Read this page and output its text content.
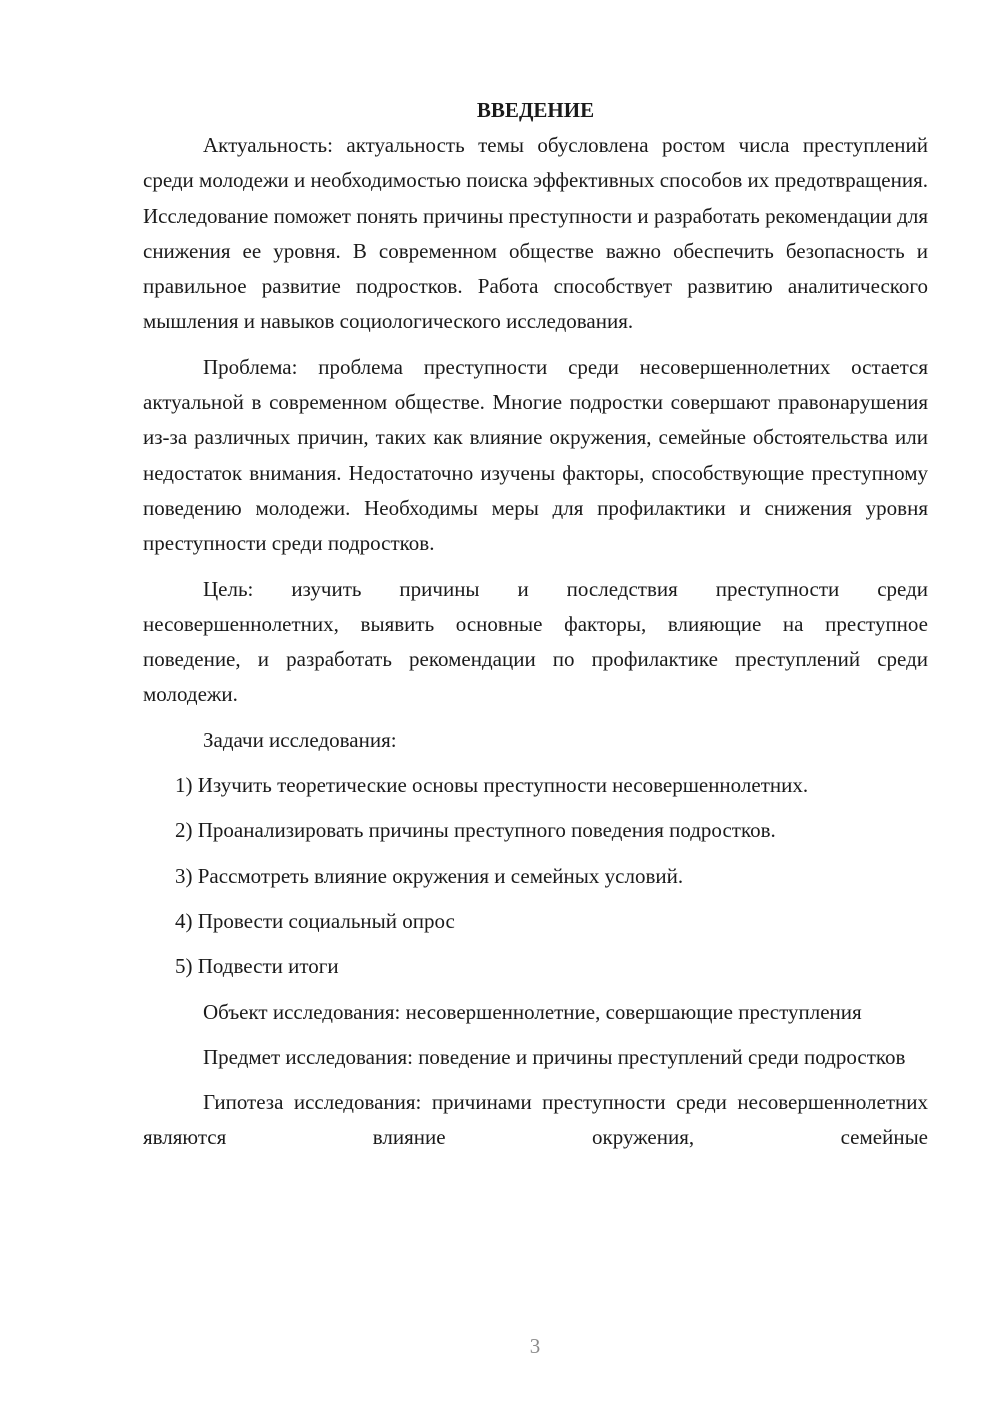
ВВЕДЕНИЕ

Актуальность: актуальность темы обусловлена ростом числа преступлений среди молодежи и необходимостью поиска эффективных способов их предотвращения. Исследование поможет понять причины преступности и разработать рекомендации для снижения ее уровня. В современном обществе важно обеспечить безопасность и правильное развитие подростков. Работа способствует развитию аналитического мышления и навыков социологического исследования.

Проблема: проблема преступности среди несовершеннолетних остается актуальной в современном обществе. Многие подростки совершают правонарушения из-за различных причин, таких как влияние окружения, семейные обстоятельства или недостаток внимания. Недостаточно изучены факторы, способствующие преступному поведению молодежи. Необходимы меры для профилактики и снижения уровня преступности среди подростков.

Цель: изучить причины и последствия преступности среди несовершеннолетних, выявить основные факторы, влияющие на преступное поведение, и разработать рекомендации по профилактике преступлений среди молодежи.

Задачи исследования:

1) Изучить теоретические основы преступности несовершеннолетних.

2) Проанализировать причины преступного поведения подростков.

3) Рассмотреть влияние окружения и семейных условий.

4) Провести социальный опрос

5) Подвести итоги

Объект исследования: несовершеннолетние, совершающие преступления

Предмет исследования: поведение и причины преступлений среди подростков

Гипотеза исследования: причинами преступности среди несовершеннолетних являются влияние окружения, семейные

3
